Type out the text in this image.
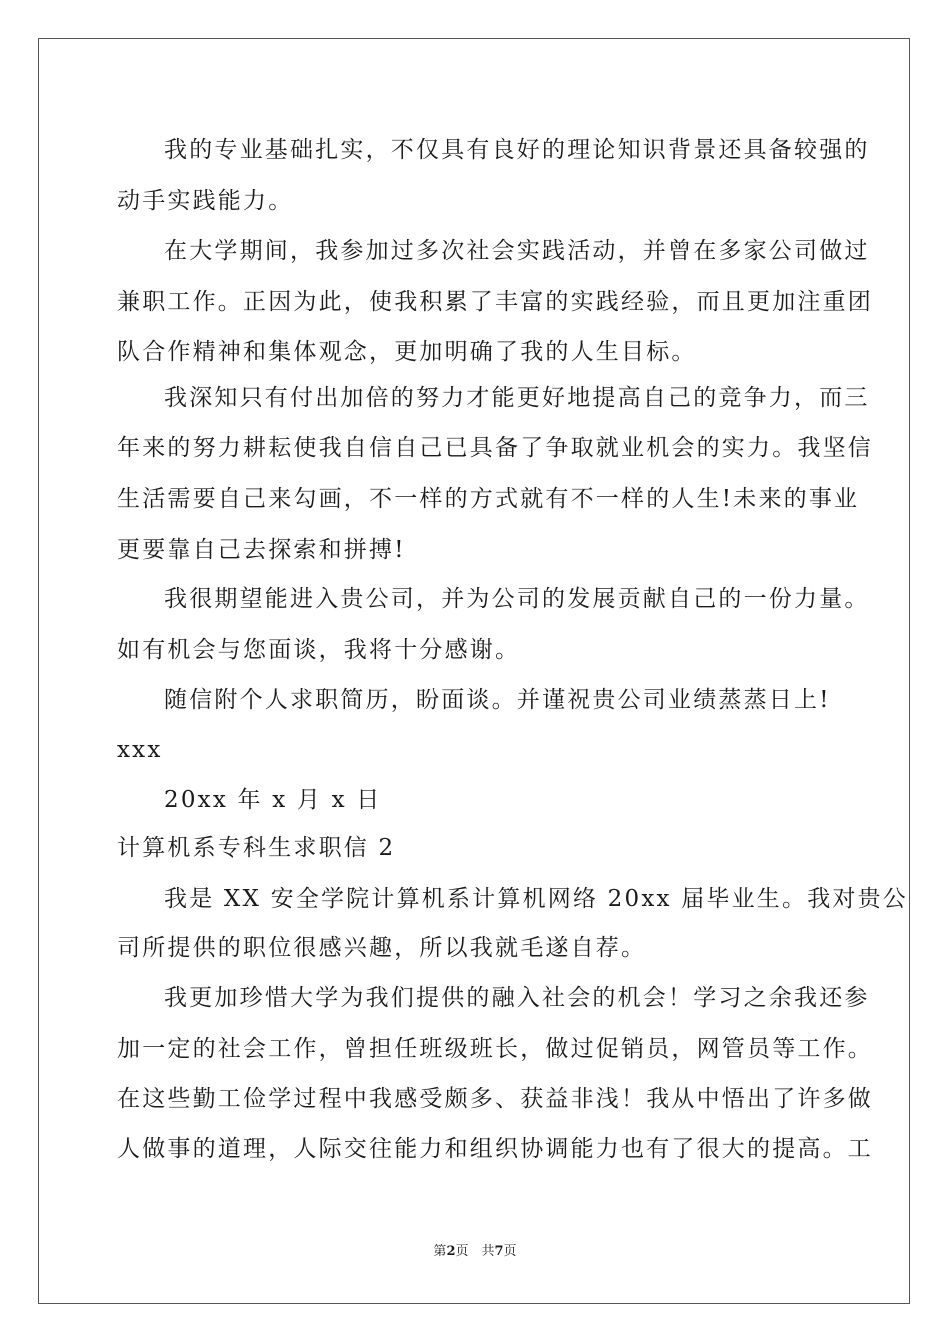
我的专业基础扎实，不仅具有良好的理论知识背景还具备较强的
动手实践能力。
在大学期间，我参加过多次社会实践活动，并曾在多家公司做过
兼职工作。正因为此，使我积累了丰富的实践经验，而且更加注重团
队合作精神和集体观念，更加明确了我的人生目标。
我深知只有付出加倍的努力才能更好地提高自己的竞争力，而三
年来的努力耕耘使我自信自己已具备了争取就业机会的实力。我坚信
生活需要自己来勾画，不一样的方式就有不一样的人生!未来的事业
更要靠自己去探索和拼搏!
我很期望能进入贵公司，并为公司的发展贡献自己的一份力量。
如有机会与您面谈，我将十分感谢。
随信附个人求职简历，盼面谈。并谨祝贵公司业绩蒸蒸日上!
xxx
20xx 年 x 月 x 日
计算机系专科生求职信 2
我是 XX 安全学院计算机系计算机网络 20xx 届毕业生。我对贵公
司所提供的职位很感兴趣，所以我就毛遂自荐。
我更加珍惜大学为我们提供的融入社会的机会！学习之余我还参
加一定的社会工作，曾担任班级班长，做过促销员，网管员等工作。
在这些勤工俭学过程中我感受颇多、获益非浅！我从中悟出了许多做
人做事的道理，人际交往能力和组织协调能力也有了很大的提高。工
第2页　共7页
